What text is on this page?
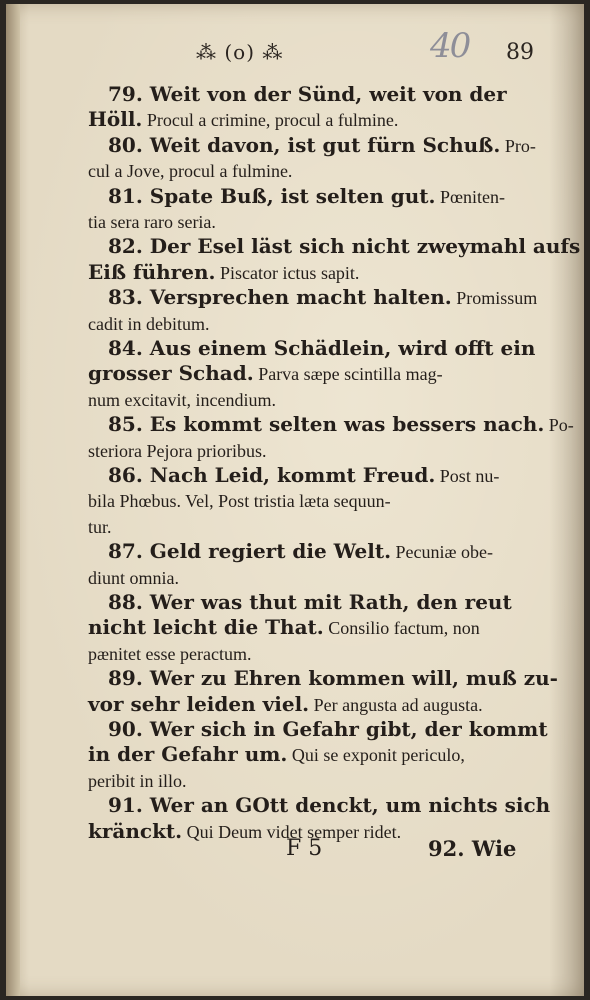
40
⁂ (o) ⁂	89
79. Weit von der Sünd, weit von der
Höll. Procul a crimine, procul a fulmine.
80. Weit davon, ist gut fürn Schuß. Pro-
cul a Jove, procul a fulmine.
81. Spate Buß, ist selten gut. Pœniten-
tia sera raro seria.
82. Der Esel läst sich nicht zweymahl aufs
Eiß führen. Piscator ictus sapit.
83. Versprechen macht halten. Promissum
cadit in debitum.
84. Aus einem Schädlein, wird offt ein
grosser Schad. Parva sæpe scintilla mag-
num excitavit, incendium.
85. Es kommt selten was bessers nach. Po-
steriora Pejora prioribus.
86. Nach Leid, kommt Freud. Post nu-
bila Phœbus. Vel, Post tristia læta sequun-
tur.
87. Geld regiert die Welt. Pecuniæ obe-
diunt omnia.
88. Wer was thut mit Rath, den reut
nicht leicht die That. Consilio factum, non
pænitet esse peractum.
89. Wer zu Ehren kommen will, muß zu-
vor sehr leiden viel. Per angusta ad augusta.
90. Wer sich in Gefahr gibt, der kommt
in der Gefahr um. Qui se exponit periculo,
peribit in illo.
91. Wer an GOtt denckt, um nichts sich
kränckt. Qui Deum videt semper ridet.
F 5	92. Wie
